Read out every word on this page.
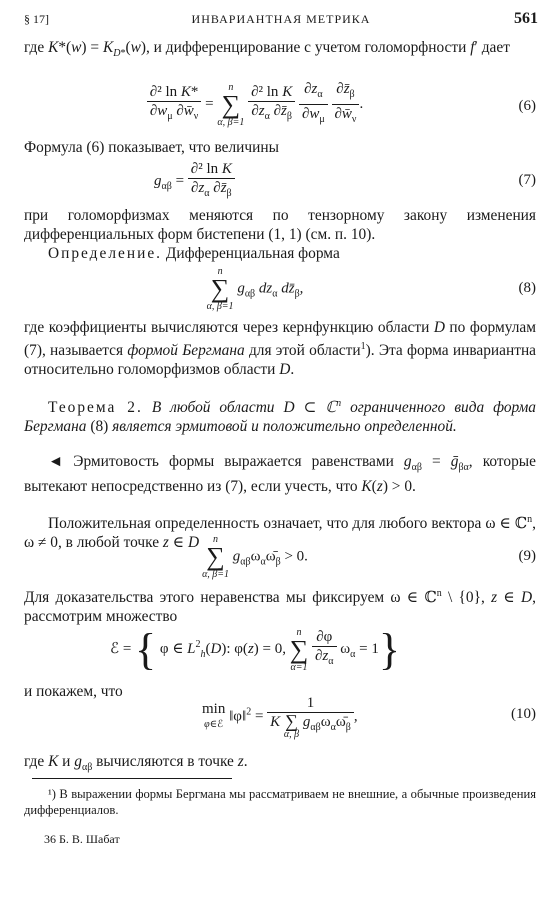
§ 17]	ИНВАРИАНТНАЯ МЕТРИКА	561
где $K*(w) = K_{D*}(w)$, и дифференцирование с учетом голоморфности f′ дает
$\frac{\text{∂² ln K*}}{\partial w_\mu \partial w̄_\nu}$ =
n
∑
α, β=1
$\frac{\text{∂² ln K}}{\partial z_\alpha \partial z̄_\beta}$
$\frac{\partial z_\alpha}{\partial w_\mu}$
$\frac{\partial z̄_\beta}{\partial w̄_\nu}$ .	(6)
Формула (6) показывает, что величины
$g_{\alpha\beta} = \frac{\text{∂² ln K}}{\partial z_\alpha \partial z̄_\beta}$	(7)
при голоморфизмах меняются по тензорному закону изменения дифференциальных форм бистепени (1, 1) (см. п. 10).
Определение. Дифференциальная форма
n
∑
α, β=1
$g_{\alpha\beta}$ $dz_\alpha$ $dz̄_\beta$,	(8)
где коэффициенты вычисляются через кернфункцию области D по формулам (7), называется формой Бергмана для этой области$^1$). Эта форма инвариантна относительно голоморфизмов области D.
Теорема 2. В любой области D ⊂ ℂ$^n$ ограниченного вида форма Бергмана (8) является эрмитовой и положительно определенной.
◄ Эрмитовость формы выражается равенствами $g_{\alpha\beta}$ = ḡ$_{\beta\alpha}$, которые вытекают непосредственно из (7), если учесть, что K(z) > 0.
Положительная определенность означает, что для любого вектора ω ∈ ℂ$^n$, ω ≠ 0, в любой точке z ∈ D	n
∑
α, β=1
$g_{\alpha\beta}\omega_\alpha\omegā_\beta > 0$.	(9)
Для доказательства этого неравенства мы фиксируем ω ∈ ℂ$^n$ \ {0}, z ∈ D, рассмотрим множество
ℰ = { φ ∈ $L^2_h(D)$: φ(z) = 0,
n
∑
α=1
$\frac{\partial\varphi}{\partial z_\alpha} \omega_\alpha = 1$}
и покажем, что
min
φ∈ℰ ‖φ‖$^2$ = 1
K ∑
α, β
$g_{\alpha\beta}\omega_\alpha\omegā_\beta$ ,	(10)
где K и $g_{\alpha\beta}$ вычисляются в точке z.
¹) В выражении формы Бергмана мы рассматриваем не внешние, а обычные произведения дифференциалов.
36 Б. В. Шабат
